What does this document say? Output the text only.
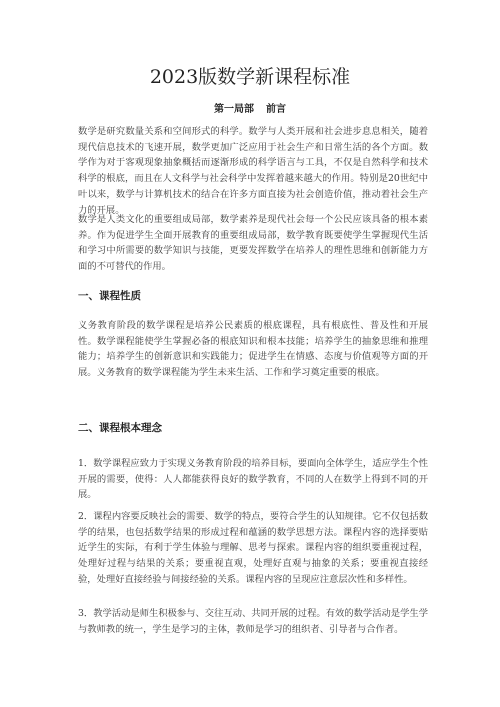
2023版数学新课程标准
第一局部 前言

数学是研究数量关系和空间形式的科学。数学与人类开展和社会进步息息相关，随着现代信息技术的飞速开展，数学更加广泛应用于社会生产和日常生活的各个方面。数学作为对于客观现象抽象概括而逐渐形成的科学语言与工具，不仅是自然科学和技术科学的根底，而且在人文科学与社会科学中发挥着越来越大的作用。特别是20世纪中叶以来，数学与计算机技术的结合在许多方面直接为社会创造价值，推动着社会生产力的开展。

数学是人类文化的重要组成局部，数学素养是现代社会每一个公民应该具备的根本素养。作为促进学生全面开展教育的重要组成局部，数学教育既要使学生掌握现代生活和学习中所需要的数学知识与技能，更要发挥数学在培养人的理性思维和创新能力方面的不可替代的作用。

一、课程性质

义务教育阶段的数学课程是培养公民素质的根底课程，具有根底性、普及性和开展性。数学课程能使学生掌握必备的根底知识和根本技能；培养学生的抽象思维和推理能力；培养学生的创新意识和实践能力；促进学生在情感、态度与价值观等方面的开展。义务教育的数学课程能为学生未来生活、工作和学习奠定重要的根底。

二、课程根本理念

1．数学课程应致力于实现义务教育阶段的培养目标，要面向全体学生，适应学生个性开展的需要，使得：人人都能获得良好的数学教育，不同的人在数学上得到不同的开展。

2．课程内容要反映社会的需要、数学的特点，要符合学生的认知规律。它不仅包括数学的结果，也包括数学结果的形成过程和蕴涵的数学思想方法。课程内容的选择要贴近学生的实际，有利于学生体验与理解、思考与探索。课程内容的组织要重视过程，处理好过程与结果的关系；要重视直观，处理好直观与抽象的关系；要重视直接经验，处理好直接经验与间接经验的关系。课程内容的呈现应注意层次性和多样性。

3．教学活动是师生积极参与、交往互动、共同开展的过程。有效的数学活动是学生学与教师教的统一，学生是学习的主体，教师是学习的组织者、引导者与合作者。
